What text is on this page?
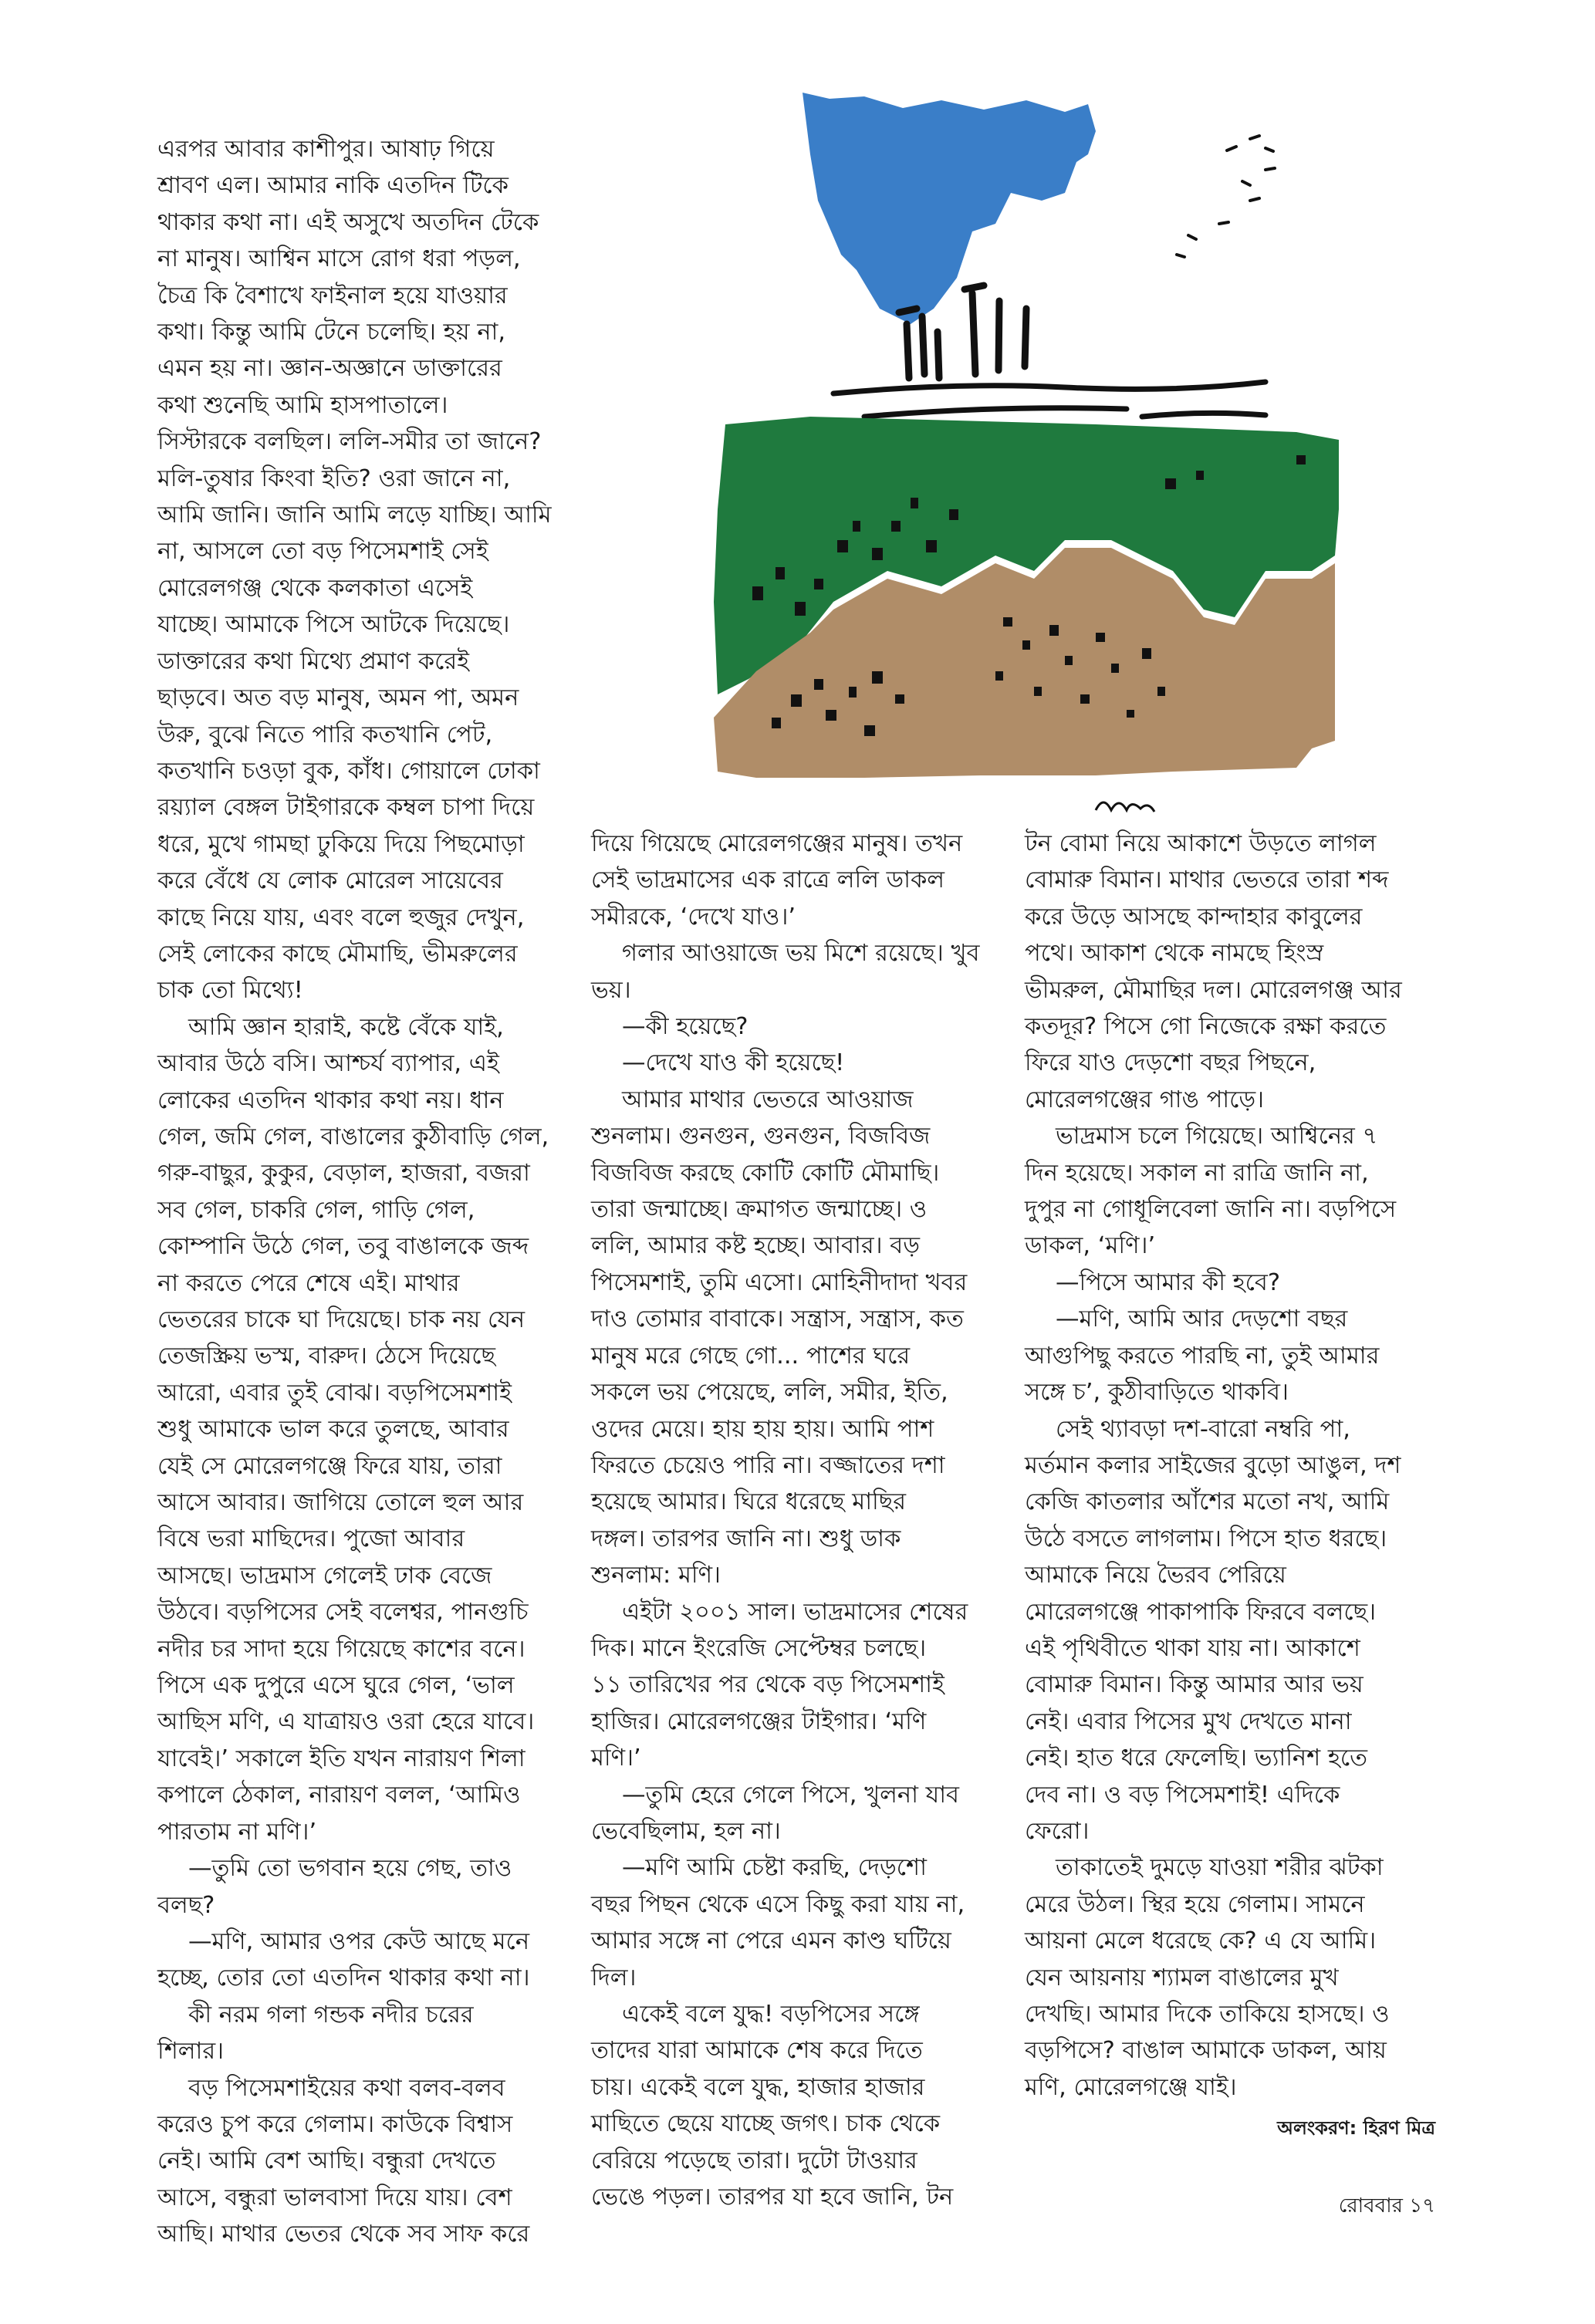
এরপর আবার কাশীপুর। আষাঢ় গিয়ে
শ্রাবণ এল। আমার নাকি এতদিন টিকে
থাকার কথা না। এই অসুখে অতদিন টেকে
না মানুষ। আশ্বিন মাসে রোগ ধরা পড়ল,
চৈত্র কি বৈশাখে ফাইনাল হয়ে যাওয়ার
কথা। কিন্তু আমি টেনে চলেছি। হয় না,
এমন হয় না। জ্ঞান-অজ্ঞানে ডাক্তারের
কথা শুনেছি আমি হাসপাতালে।
সিস্টারকে বলছিল। ললি-সমীর তা জানে?
মলি-তুষার কিংবা ইতি? ওরা জানে না,
আমি জানি। জানি আমি লড়ে যাচ্ছি। আমি
না, আসলে তো বড় পিসেমশাই সেই
মোরেলগঞ্জ থেকে কলকাতা এসেই
যাচ্ছে। আমাকে পিসে আটকে দিয়েছে।
ডাক্তারের কথা মিথ্যে প্রমাণ করেই
ছাড়বে। অত বড় মানুষ, অমন পা, অমন
উরু, বুঝে নিতে পারি কতখানি পেট,
কতখানি চওড়া বুক, কাঁধ। গোয়ালে ঢোকা
রয়্যাল বেঙ্গল টাইগারকে কম্বল চাপা দিয়ে
ধরে, মুখে গামছা ঢুকিয়ে দিয়ে পিছমোড়া
করে বেঁধে যে লোক মোরেল সায়েবের
কাছে নিয়ে যায়, এবং বলে হুজুর দেখুন,
সেই লোকের কাছে মৌমাছি, ভীমরুলের
চাক তো মিথ্যে!

আমি জ্ঞান হারাই, কষ্টে বেঁকে যাই,
আবার উঠে বসি। আশ্চর্য ব্যাপার, এই
লোকের এতদিন থাকার কথা নয়। ধান
গেল, জমি গেল, বাঙালের কুঠীবাড়ি গেল,
গরু-বাছুর, কুকুর, বেড়াল, হাজরা, বজরা
সব গেল, চাকরি গেল, গাড়ি গেল,
কোম্পানি উঠে গেল, তবু বাঙালকে জব্দ
না করতে পেরে শেষে এই। মাথার
ভেতরের চাকে ঘা দিয়েছে। চাক নয় যেন
তেজস্ক্রিয় ভস্ম, বারুদ। ঠেসে দিয়েছে
আরো, এবার তুই বোঝ। বড়পিসেমশাই
শুধু আমাকে ভাল করে তুলছে, আবার
যেই সে মোরেলগঞ্জে ফিরে যায়, তারা
আসে আবার। জাগিয়ে তোলে হুল আর
বিষে ভরা মাছিদের। পুজো আবার
আসছে। ভাদ্রমাস গেলেই ঢাক বেজে
উঠবে। বড়পিসের সেই বলেশ্বর, পানগুচি
নদীর চর সাদা হয়ে গিয়েছে কাশের বনে।
পিসে এক দুপুরে এসে ঘুরে গেল, ‘ভাল
আছিস মণি, এ যাত্রায়ও ওরা হেরে যাবে।
যাবেই।’ সকালে ইতি যখন নারায়ণ শিলা
কপালে ঠেকাল, নারায়ণ বলল, ‘আমিও
পারতাম না মণি।’

—তুমি তো ভগবান হয়ে গেছ, তাও
বলছ?

—মণি, আমার ওপর কেউ আছে মনে
হচ্ছে, তোর তো এতদিন থাকার কথা না।

কী নরম গলা গন্ডক নদীর চরের
শিলার।

বড় পিসেমশাইয়ের কথা বলব-বলব
করেও চুপ করে গেলাম। কাউকে বিশ্বাস
নেই। আমি বেশ আছি। বন্ধুরা দেখতে
আসে, বন্ধুরা ভালবাসা দিয়ে যায়। বেশ
আছি। মাথার ভেতর থেকে সব সাফ করে

দিয়ে গিয়েছে মোরেলগঞ্জের মানুষ। তখন
সেই ভাদ্রমাসের এক রাত্রে ললি ডাকল
সমীরকে, ‘দেখে যাও।’

গলার আওয়াজে ভয় মিশে রয়েছে। খুব
ভয়।

—কী হয়েছে?

—দেখে যাও কী হয়েছে!

আমার মাথার ভেতরে আওয়াজ
শুনলাম। গুনগুন, গুনগুন, বিজবিজ
বিজবিজ করছে কোটি কোটি মৌমাছি।
তারা জন্মাচ্ছে। ক্রমাগত জন্মাচ্ছে। ও
ললি, আমার কষ্ট হচ্ছে। আবার। বড়
পিসেমশাই, তুমি এসো। মোহিনীদাদা খবর
দাও তোমার বাবাকে। সন্ত্রাস, সন্ত্রাস, কত
মানুষ মরে গেছে গো... পাশের ঘরে
সকলে ভয় পেয়েছে, ললি, সমীর, ইতি,
ওদের মেয়ে। হায় হায় হায়। আমি পাশ
ফিরতে চেয়েও পারি না। বজ্জাতের দশা
হয়েছে আমার। ঘিরে ধরেছে মাছির
দঙ্গল। তারপর জানি না। শুধু ডাক
শুনলাম: মণি।

এইটা ২০০১ সাল। ভাদ্রমাসের শেষের
দিক। মানে ইংরেজি সেপ্টেম্বর চলছে।
১১ তারিখের পর থেকে বড় পিসেমশাই
হাজির। মোরেলগঞ্জের টাইগার। ‘মণি
মণি।’

—তুমি হেরে গেলে পিসে, খুলনা যাব
ভেবেছিলাম, হল না।

—মণি আমি চেষ্টা করছি, দেড়শো
বছর পিছন থেকে এসে কিছু করা যায় না,
আমার সঙ্গে না পেরে এমন কাণ্ড ঘটিয়ে
দিল।

একেই বলে যুদ্ধ! বড়পিসের সঙ্গে
তাদের যারা আমাকে শেষ করে দিতে
চায়। একেই বলে যুদ্ধ, হাজার হাজার
মাছিতে ছেয়ে যাচ্ছে জগৎ। চাক থেকে
বেরিয়ে পড়েছে তারা। দুটো টাওয়ার
ভেঙে পড়ল। তারপর যা হবে জানি, টন

টন বোমা নিয়ে আকাশে উড়তে লাগল
বোমারু বিমান। মাথার ভেতরে তারা শব্দ
করে উড়ে আসছে কান্দাহার কাবুলের
পথে। আকাশ থেকে নামছে হিংস্র
ভীমরুল, মৌমাছির দল। মোরেলগঞ্জ আর
কতদূর? পিসে গো নিজেকে রক্ষা করতে
ফিরে যাও দেড়শো বছর পিছনে,
মোরেলগঞ্জের গাঙ পাড়ে।

ভাদ্রমাস চলে গিয়েছে। আশ্বিনের ৭
দিন হয়েছে। সকাল না রাত্রি জানি না,
দুপুর না গোধূলিবেলা জানি না। বড়পিসে
ডাকল, ‘মণি।’

—পিসে আমার কী হবে?

—মণি, আমি আর দেড়শো বছর
আগুপিছু করতে পারছি না, তুই আমার
সঙ্গে চ’, কুঠীবাড়িতে থাকবি।

সেই থ্যাবড়া দশ-বারো নম্বরি পা,
মর্তমান কলার সাইজের বুড়ো আঙুল, দশ
কেজি কাতলার আঁশের মতো নখ, আমি
উঠে বসতে লাগলাম। পিসে হাত ধরছে।
আমাকে নিয়ে ভৈরব পেরিয়ে
মোরেলগঞ্জে পাকাপাকি ফিরবে বলছে।
এই পৃথিবীতে থাকা যায় না। আকাশে
বোমারু বিমান। কিন্তু আমার আর ভয়
নেই। এবার পিসের মুখ দেখতে মানা
নেই। হাত ধরে ফেলেছি। ভ্যানিশ হতে
দেব না। ও বড় পিসেমশাই! এদিকে
ফেরো।

তাকাতেই দুমড়ে যাওয়া শরীর ঝটকা
মেরে উঠল। স্থির হয়ে গেলাম। সামনে
আয়না মেলে ধরেছে কে? এ যে আমি।
যেন আয়নায় শ্যামল বাঙালের মুখ
দেখছি। আমার দিকে তাকিয়ে হাসছে। ও
বড়পিসে? বাঙাল আমাকে ডাকল, আয়
মণি, মোরেলগঞ্জে যাই।

অলংকরণ: হিরণ মিত্র
রোববার ১৭
